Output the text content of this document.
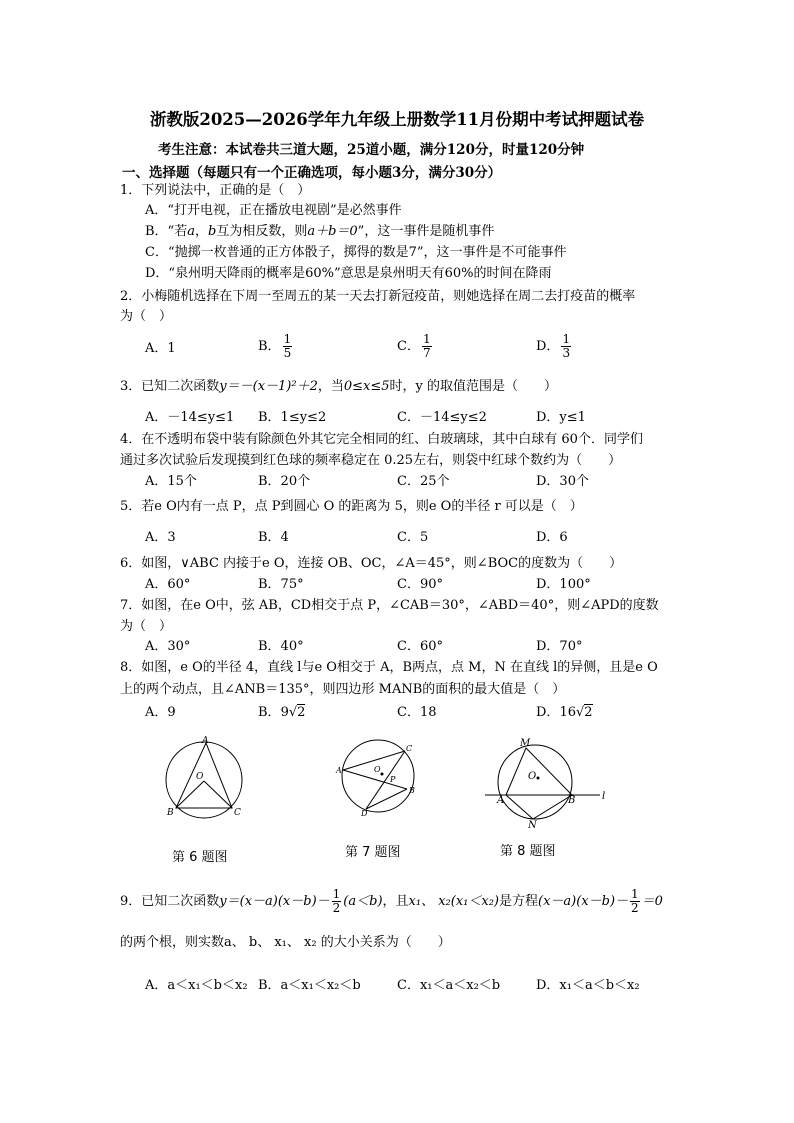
浙教版2025—2026学年九年级上册数学11月份期中考试押题试卷
考生注意：本试卷共三道大题，25道小题，满分120分，时量120分钟
一、选择题（每题只有一个正确选项，每小题3分，满分30分）
1．下列说法中，正确的是（　）
A．“打开电视，正在播放电视剧”是必然事件
B．“若a，b互为相反数，则a＋b＝0”，这一事件是随机事件
C．“抛掷一枚普通的正方体骰子，掷得的数是7”，这一事件是不可能事件
D．“泉州明天降雨的概率是60%”意思是泉州明天有60%的时间在降雨
2．小梅随机选择在下周一至周五的某一天去打新冠疫苗，则她选择在周二去打疫苗的概率
为（　）
A．1	B． $\frac{1}{5}$	C． $\frac{1}{7}$	D． $\frac{1}{3}$
3．已知二次函数y＝－(x－1)²＋2，当0≤x≤5时，y 的取值范围是（　　）
A．－14≤y≤1 B．1≤y≤2	C．－14≤y≤2	D．y≤1
4．在不透明布袋中装有除颜色外其它完全相同的红、白玻璃球，其中白球有 60个．同学们
通过多次试验后发现摸到红色球的频率稳定在 0.25左右，则袋中红球个数约为（　　）
A．15个	B．20个	C．25个	D．30个
5．若e O内有一点 P，点 P到圆心 O 的距离为 5，则e O的半径 r 可以是（　）
A．3	B．4	C．5	D．6
6．如图，∨ABC 内接于e O，连接 OB、OC，∠A＝45°，则∠BOC的度数为（　　）
A．60°	B．75°	C．90°	D．100°
7．如图，在e O中，弦 AB，CD相交于点 P，∠CAB＝30°，∠ABD＝40°，则∠APD的度数
为（　）
A．30°	B．40°	C．60°	D．70°
8．如图，e O的半径 4，直线 l与e O相交于 A，B两点，点 M，N 在直线 l的异侧，且是e O
上的两个动点，且∠ANB＝135°，则四边形 MANB的面积的最大值是（　）
A．9	B．9√2	C．18	D．16√2
A
O
B	C
第 6 题图
C
A	O
P
B
D
第 7 题图
M
O
A	B
N
l
第 8 题图
9．已知二次函数$y=(x-a)(x-b)- \frac{1}{2} (a<b)$，且x₁、 x₂(x₁＜x₂)是方程$(x-a)(x-b)- \frac{1}{2} =0$
的两个根，则实数a、 b、 x₁、 x₂ 的大小关系为（　　）
A．a＜x₁＜b＜x₂ B．a＜x₁＜x₂＜b	C．x₁＜a＜x₂＜b	D．x₁＜a＜b＜x₂
